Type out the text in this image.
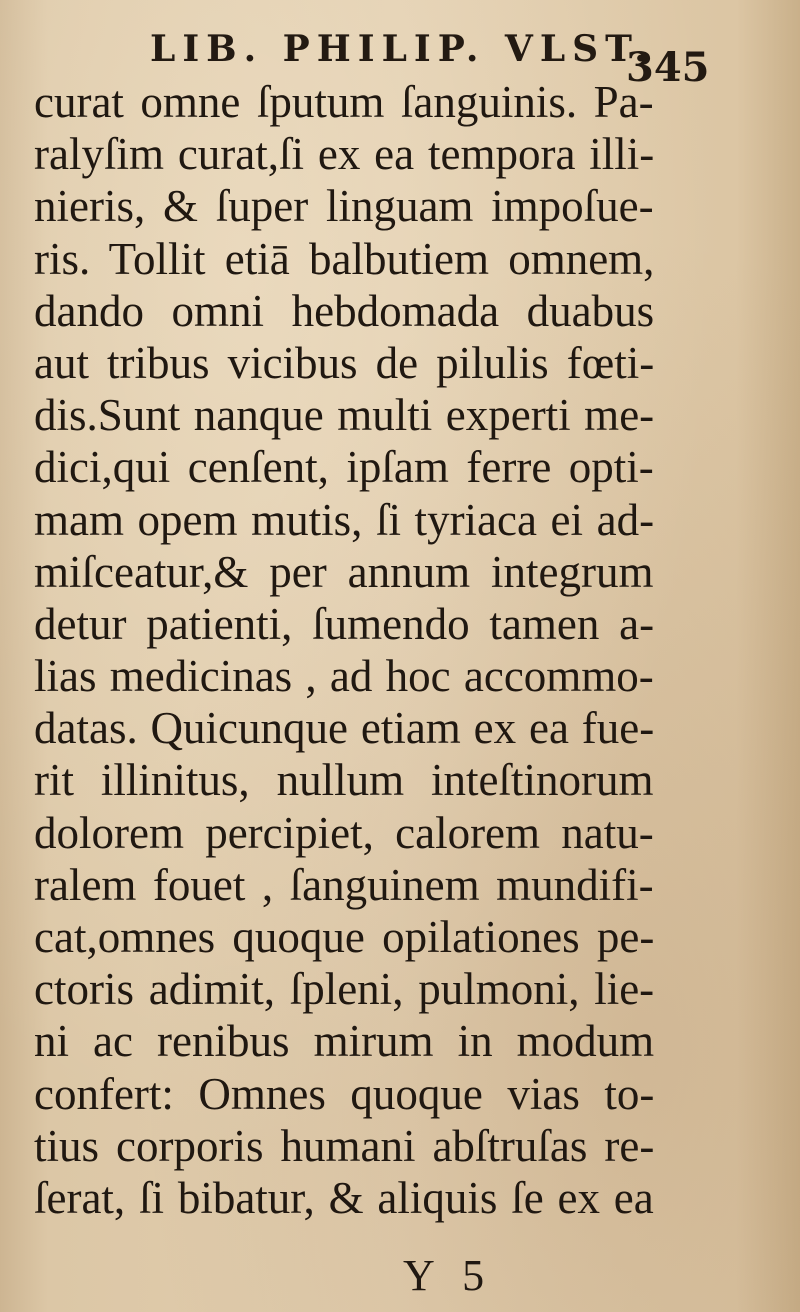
LIB. PHILIP. VLST.
345
curat omne ſputum ſanguinis. Pa-
ralyſim curat,ſi ex ea tempora illi-
nieris, & ſuper linguam impoſue-
ris. Tollit etiā balbutiem omnem,
dando omni hebdomada duabus
aut tribus vicibus de pilulis fœti-
dis.Sunt nanque multi experti me-
dici,qui cenſent, ipſam ferre opti-
mam opem mutis, ſi tyriaca ei ad-
miſceatur,& per annum integrum
detur patienti, ſumendo tamen a-
lias medicinas , ad hoc accommo-
datas. Quicunque etiam ex ea fue-
rit illinitus, nullum inteſtinorum
dolorem percipiet, calorem natu-
ralem fouet , ſanguinem mundifi-
cat,omnes quoque opilationes pe-
ctoris adimit, ſpleni, pulmoni, lie-
ni ac renibus mirum in modum
confert: Omnes quoque vias to-
tius corporis humani abſtruſas re-
ſerat, ſi bibatur, & aliquis ſe ex ea
Y 5
